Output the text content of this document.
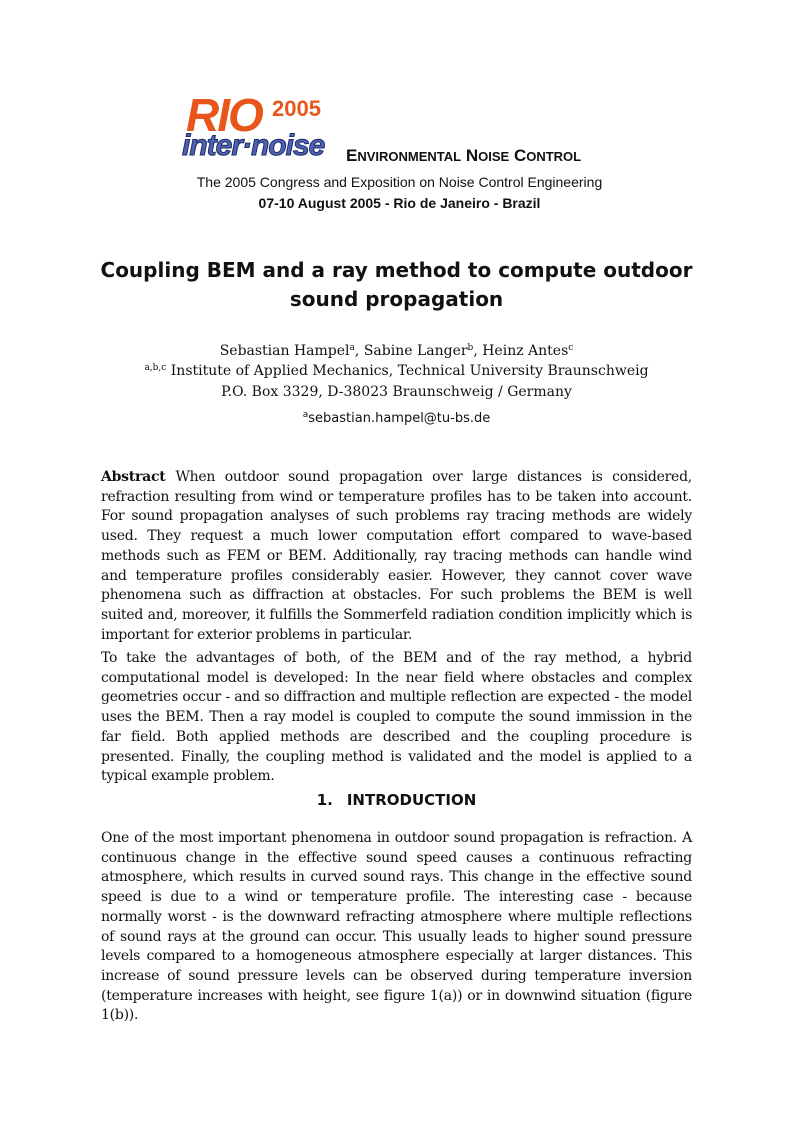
RIO 2005
inter·noise ENVIRONMENTAL NOISE CONTROL
The 2005 Congress and Exposition on Noise Control Engineering
07-10 August 2005 - Rio de Janeiro - Brazil
Coupling BEM and a ray method to compute outdoor
sound propagation
Sebastian Hampel$^a$, Sabine Langer$^b$, Heinz Antes$^c$
$^{a,b,c}$ Institute of Applied Mechanics, Technical University Braunschweig
P.O. Box 3329, D-38023 Braunschweig / Germany
$^a$sebastian.hampel@tu-bs.de
Abstract When outdoor sound propagation over large distances is considered, refraction resulting from wind or temperature profiles has to be taken into account. For sound propagation analyses of such problems ray tracing methods are widely used. They request a much lower computation effort compared to wave-based methods such as FEM or BEM. Additionally, ray tracing methods can handle wind and temperature profiles considerably easier. However, they cannot cover wave phenomena such as diffraction at obstacles. For such problems the BEM is well suited and, moreover, it fulfills the Sommerfeld radiation condition implicitly which is important for exterior problems in particular.
To take the advantages of both, of the BEM and of the ray method, a hybrid computational model is developed: In the near field where obstacles and complex geometries occur - and so diffraction and multiple reflection are expected - the model uses the BEM. Then a ray model is coupled to compute the sound immission in the far field. Both applied methods are described and the coupling procedure is presented. Finally, the coupling method is validated and the model is applied to a typical example problem.
1. INTRODUCTION
One of the most important phenomena in outdoor sound propagation is refraction. A continuous change in the effective sound speed causes a continuous refracting atmosphere, which results in curved sound rays. This change in the effective sound speed is due to a wind or temperature profile. The interesting case - because normally worst - is the downward refracting atmosphere where multiple reflections of sound rays at the ground can occur. This usually leads to higher sound pressure levels compared to a homogeneous atmosphere especially at larger distances. This increase of sound pressure levels can be observed during temperature inversion (temperature increases with height, see figure 1(a)) or in downwind situation (figure 1(b)).
